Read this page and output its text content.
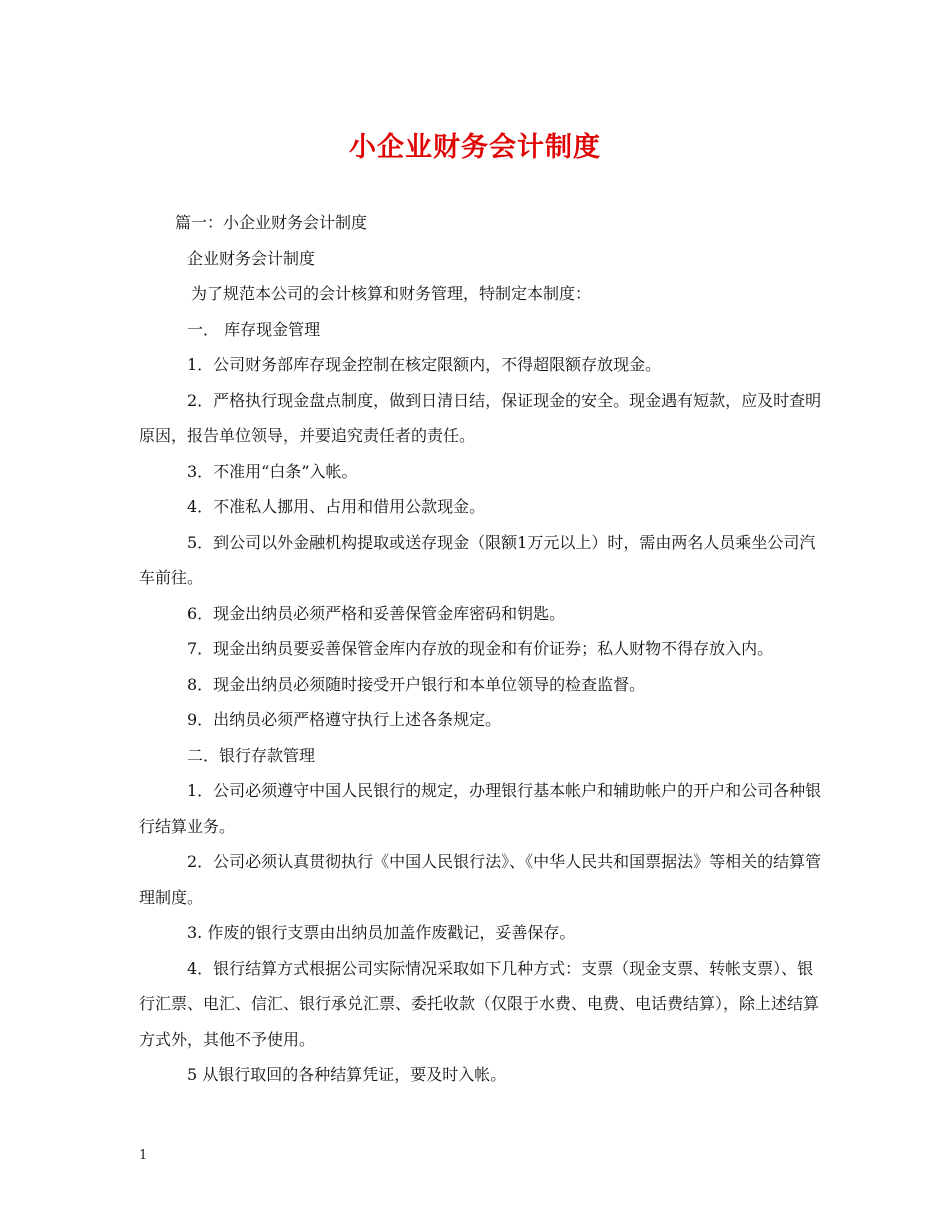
小企业财务会计制度
篇一：小企业财务会计制度
企业财务会计制度
为了规范本公司的会计核算和财务管理，特制定本制度：
一． 库存现金管理
1．公司财务部库存现金控制在核定限额内，不得超限额存放现金。
2．严格执行现金盘点制度，做到日清日结，保证现金的安全。现金遇有短款，应及时查明原因，报告单位领导，并要追究责任者的责任。
3．不准用“白条”入帐。
4．不准私人挪用、占用和借用公款现金。
5．到公司以外金融机构提取或送存现金（限额1万元以上）时，需由两名人员乘坐公司汽车前往。
6．现金出纳员必须严格和妥善保管金库密码和钥匙。
7．现金出纳员要妥善保管金库内存放的现金和有价证券；私人财物不得存放入内。
8．现金出纳员必须随时接受开户银行和本单位领导的检查监督。
9．出纳员必须严格遵守执行上述各条规定。
二．银行存款管理
1．公司必须遵守中国人民银行的规定，办理银行基本帐户和辅助帐户的开户和公司各种银行结算业务。
2．公司必须认真贯彻执行《中国人民银行法》、《中华人民共和国票据法》等相关的结算管理制度。
3. 作废的银行支票由出纳员加盖作废戳记，妥善保存。
4．银行结算方式根据公司实际情况采取如下几种方式：支票（现金支票、转帐支票）、银行汇票、电汇、信汇、银行承兑汇票、委托收款（仅限于水费、电费、电话费结算），除上述结算方式外，其他不予使用。
5 从银行取回的各种结算凭证，要及时入帐。
1
